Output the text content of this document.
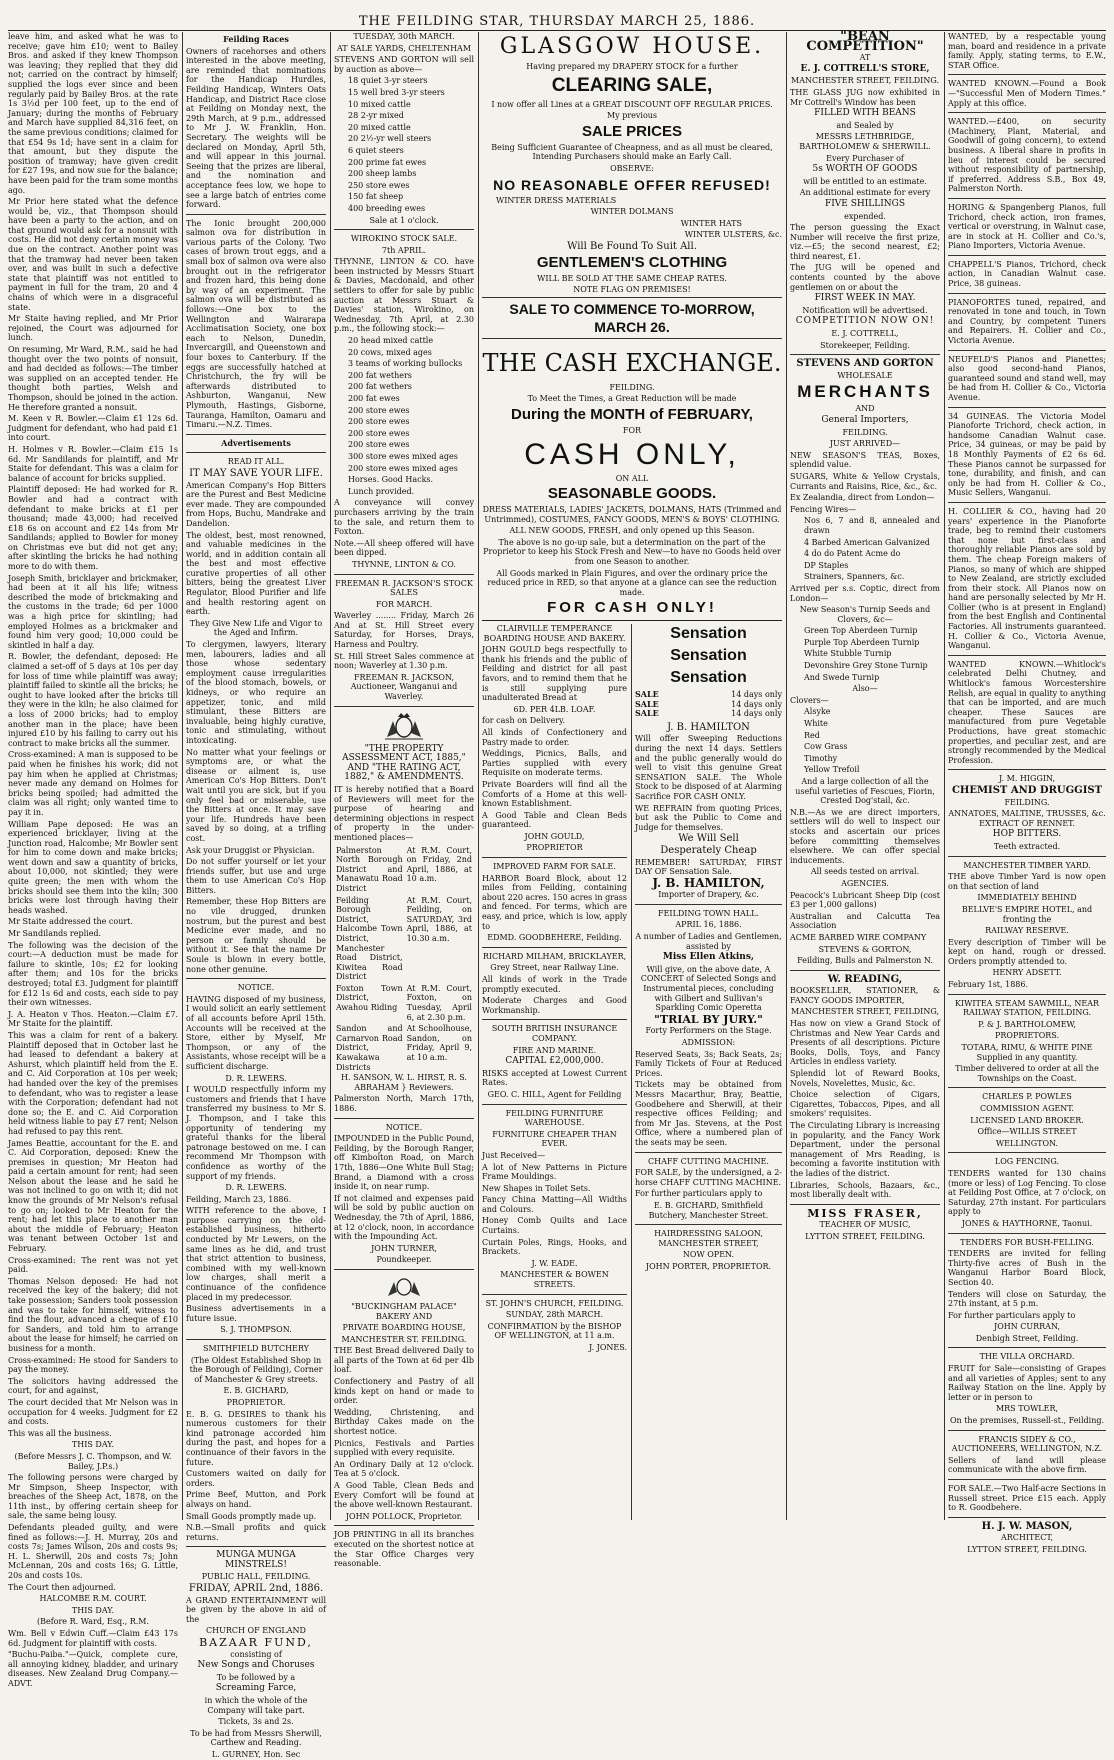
THE FEILDING STAR, THURSDAY MARCH 25, 1886.

leave him, and asked what he was to receive; gave him £10; went to Bailey Bros. and asked if they knew Thompson was leaving; they replied that they did not; carried on the contract by himself; supplied the logs ever since and been regularly paid by Bailey Bros. at the rate 1s 3½d per 100 feet, up to the end of January; during the months of February and March have supplied 84,316 feet, on the same previous conditions; claimed for that £54 9s 1d; have sent in a claim for that amount, but they dispute the position of tramway; have given credit for £27 19s, and now sue for the balance; have been paid for the tram some months ago.

Mr Prior here stated what the defence would be, viz., that Thompson should have been a party to the action, and on that ground would ask for a nonsuit with costs. He did not deny certain money was due on the contract. Another point was that the tramway had never been taken over, and was built in such a defective state that plaintiff was not entitled to payment in full for the tram, 20 and 4 chains of which were in a disgraceful state.

Mr Staite having replied, and Mr Prior rejoined, the Court was adjourned for lunch.

On resuming, Mr Ward, R.M., said he had thought over the two points of nonsuit, and had decided as follows:—The timber was supplied on an accepted tender. He thought both parties, Welsh and Thompson, should be joined in the action. He therefore granted a nonsuit.

M. Keen v R. Bowler.—Claim £1 12s 6d. Judgment for defendant, who had paid £1 into court.

H. Holmes v R. Bowler.—Claim £15 1s 6d. Mr Sandilands for plaintiff, and Mr Staite for defendant. This was a claim for balance of account for bricks supplied.

Plaintiff deposed: He had worked for R. Bowler and had a contract with defendant to make bricks at £1 per thousand; made 43,000; had received £18 6s on account and £2 14s from Mr Sandilands; applied to Bowler for money on Christmas eve but did not get any; after skintling the bricks he had nothing more to do with them.

Joseph Smith, bricklayer and brickmaker, had been at it all his life; witness described the mode of brickmaking and the customs in the trade; 6d per 1000 was a high price for skintling; had employed Holmes as a brickmaker and found him very good; 10,000 could be skintled in half a day.

R. Bowler, the defendant, deposed: He claimed a set-off of 5 days at 10s per day for loss of time while plaintiff was away; plaintiff failed to skintle all the bricks; he ought to have looked after the bricks till they were in the kiln; he also claimed for a loss of 2000 bricks; had to employ another man in the place; have been injured £10 by his failing to carry out his contract to make bricks all the summer.

Cross-examined: A man is supposed to be paid when he finishes his work; did not pay him when he applied at Christmas; never made any demand on Holmes for bricks being spoiled; had admitted the claim was all right; only wanted time to pay it in.

William Pape deposed: He was an experienced bricklayer, living at the Junction road, Halcombe; Mr Bowler sent for him to come down and make bricks; went down and saw a quantity of bricks, about 10,000, not skintled; they were quite green; the men with whom the bricks should see them into the kiln; 300 bricks were lost through having their heads washed.

Mr Staite addressed the court.

Mr Sandilands replied.

The following was the decision of the court:—A deduction must be made for failure to skintle, 10s; £2 for looking after them; and 10s for the bricks destroyed; total £3. Judgment for plaintiff for £12 1s 6d and costs, each side to pay their own witnesses.

J. A. Heaton v Thos. Heaton.—Claim £7. Mr Staite for the plaintiff.

This was a claim for rent of a bakery. Plaintiff deposed that in October last he had leased to defendant a bakery at Ashurst, which plaintiff held from the E. and C. Aid Corporation at 10s per week; had handed over the key of the premises to defendant, who was to register a lease with the Corporation; defendant had not done so; the E. and C. Aid Corporation held witness liable to pay £7 rent; Nelson had refused to pay this rent.

James Beattie, accountant for the E. and C. Aid Corporation, deposed: Knew the premises in question; Mr Heaton had paid a certain amount for rent; had seen Nelson about the lease and he said he was not inclined to go on with it; did not know the grounds of Mr Nelson's refusal to go on; looked to Mr Heaton for the rent; had let this place to another man about the middle of February; Heaton was tenant between October 1st and February.

Cross-examined: The rent was not yet paid.

Thomas Nelson deposed: He had not received the key of the bakery; did not take possession; Sanders took possession and was to take for himself, witness to find the flour, advanced a cheque of £10 for Sanders, and told him to arrange about the lease for himself; he carried on business for a month.

Cross-examined: He stood for Sanders to pay the money.

The solicitors having addressed the court, for and against,

The court decided that Mr Nelson was in occupation for 4 weeks. Judgment for £2 and costs.

This was all the business.

THIS DAY.

(Before Messrs J. C. Thompson, and W. Bailey, J.P.s.)

The following persons were charged by Mr Simpson, Sheep Inspector, with breaches of the Sheep Act, 1878, on the 11th inst., by offering certain sheep for sale, the same being lousy.

Defendants pleaded guilty, and were fined as follows:—J. H. Murray, 20s and costs 7s; James Wilson, 20s and costs 9s; H. L. Sherwill, 20s and costs 7s; John McLennan, 20s and costs 16s; G. Little, 20s and costs 10s.

The Court then adjourned.

HALCOMBE R.M. COURT.

THIS DAY.

(Before R. Ward, Esq., R.M.

Wm. Bell v Edwin Cuff.—Claim £43 17s 6d. Judgment for plaintiff with costs.

"Buchu-Paiba."—Quick, complete cure, all annoying kidney, bladder, and urinary diseases. New Zealand Drug Company.—ADVT.

Feilding Races

Owners of racehorses and others interested in the above meeting, are reminded that nominations for the Handicap Hurdles, Feilding Handicap, Winters Oats Handicap, and District Race close at Feilding on Monday next, the 29th March, at 9 p.m., addressed to Mr J. W. Franklin, Hon. Secretary. The weights will be declared on Monday, April 5th, and will appear in this journal. Seeing that the prizes are liberal, and the nomination and acceptance fees low, we hope to see a large batch of entries come forward.

The Ionic brought 200,000 salmon ova for distribution in various parts of the Colony. Two cases of brown trout eggs, and a small box of salmon ova were also brought out in the refrigerator and frozen hard, this being done by way of an experiment. The salmon ova will be distributed as follows:—One box to the Wellington and Wairarapa Acclimatisation Society, one box each to Nelson, Dunedin, Invercargill, and Queenstown and four boxes to Canterbury. If the eggs are successfully hatched at Christchurch, the fry will be afterwards distributed to Ashburton, Wanganui, New Plymouth, Hastings, Gisborne, Tauranga, Hamilton, Oamaru and Timaru.—N.Z. Times.

Advertisements

READ IT ALL.

IT MAY SAVE YOUR LIFE.

American Company's Hop Bitters are the Purest and Best Medicine ever made. They are compounded from Hops, Buchu, Mandrake and Dandelion.

The oldest, best, most renowned, and valuable medicines in the world, and in addition contain all the best and most effective curative properties of all other bitters, being the greatest Liver Regulator, Blood Purifier and life and health restoring agent on earth.

They Give New Life and Vigor to the Aged and Infirm.

To clergymen, lawyers, literary men, labourers, ladies and all those whose sedentary employment cause irregularities of the blood stomach, bowels, or kidneys, or who require an appetizer, tonic, and mild stimulant, these Bitters are invaluable, being highly curative, tonic and stimulating, without intoxicating.

No matter what your feelings or symptoms are, or what the disease or ailment is, use American Co's Hop Bitters. Don't wait until you are sick, but if you only feel bad or miserable, use the Bitters at once. It may save your life. Hundreds have been saved by so doing, at a trifling cost.

Ask your Druggist or Physician.

Do not suffer yourself or let your friends suffer, but use and urge them to use American Co's Hop Bitters.

Remember, these Hop Bitters are no vile drugged, drunken nostrum, but the purest and best Medicine ever made, and no person or family should be without it. See that the name Dr Soule is blown in every bottle, none other genuine.

NOTICE.

HAVING disposed of my business, I would solicit an early settlement of all accounts before April 15th. Accounts will be received at the Store, either by Myself, Mr Thompson, or any of the Assistants, whose receipt will be a sufficient discharge.

D. R. LEWERS.

I WOULD respectfully inform my customers and friends that I have transferred my business to Mr S. J. Thompson, and I take this opportunity of tendering my grateful thanks for the liberal patronage bestowed on me. I can recommend Mr Thompson with confidence as worthy of the support of my friends.

D. R. LEWERS.

Feilding, March 23, 1886.

WITH reference to the above, I purpose carrying on the old-established business, hitherto conducted by Mr Lewers, on the same lines as he did, and trust that strict attention to business, combined with my well-known low charges, shall merit a continuance of the confidence placed in my predecessor.

Business advertisements in a future issue.

S. J. THOMPSON.

SMITHFIELD BUTCHERY

(The Oldest Established Shop in the Borough of Feilding), Corner of Manchester & Grey streets.

E. B. GICHARD,

PROPRIETOR.

E. B. G. DESIRES to thank his numerous customers for their kind patronage accorded him during the past, and hopes for a continuance of their favors in the future.

Customers waited on daily for orders.

Prime Beef, Mutton, and Pork always on hand.

Small Goods promptly made up.

N.B.—Small profits and quick returns.

MUNGA MUNGA MINSTRELS!

PUBLIC HALL, FEILDING.

FRIDAY, APRIL 2nd, 1886.

A GRAND ENTERTAINMENT will be given by the above in aid of the

CHURCH OF ENGLAND

BAZAAR FUND,

consisting of

New Songs and Choruses

To be followed by a

Screaming Farce,

in which the whole of the Company will take part.

Tickets, 3s and 2s.

To be had from Messrs Sherwill, Carthew and Reading.

L. GURNEY, Hon. Sec

TUESDAY, 30th MARCH.

AT SALE YARDS, CHELTENHAM

STEVENS AND GORTON will sell by auction as above—

18 quiet 3-yr steers

15 well bred 3-yr steers

10 mixed cattle

28 2-yr mixed

20 mixed cattle

20 2½-yr well steers

6 quiet steers

200 prime fat ewes

200 sheep lambs

250 store ewes

150 fat sheep

400 breeding ewes

Sale at 1 o'clock.

WIROKINO STOCK SALE.

7th APRIL.

THYNNE, LINTON & CO. have been instructed by Messrs Stuart & Davies, Macdonald, and other settlers to offer for sale by public auction at Messrs Stuart & Davies' station, Wirokino, on Wednesday, 7th April, at 2.30 p.m., the following stock:—

20 head mixed cattle

20 cows, mixed ages

3 teams of working bullocks

200 fat wethers

200 fat wethers

200 fat ewes

200 store ewes

200 store ewes

200 store ewes

200 store ewes

300 store ewes mixed ages

200 store ewes mixed ages

Horses. Good Hacks.

Lunch provided.

A conveyance will convey purchasers arriving by the train to the sale, and return them to Foxton.

Note.—All sheep offered will have been dipped.

THYNNE, LINTON & CO.

FREEMAN R. JACKSON'S STOCK SALES

FOR MARCH.

Waverley ........ Friday, March 26 And at St. Hill Street every Saturday, for Horses, Drays, Harness and Poultry.

St. Hill Street Sales commence at noon; Waverley at 1.30 p.m.

FREEMAN R. JACKSON, Auctioneer, Wanganui and Waverley.

"THE PROPERTY ASSESSMENT ACT, 1885," AND "THE RATING ACT, 1882," & AMENDMENTS.

IT is hereby notified that a Board of Reviewers will meet for the purpose of hearing and determining objections in respect of property in the under-mentioned places—

Palmerston North Borough District and Manawatu Road District	At R.M. Court, on Friday, 2nd April, 1886, at 10 a.m.
Feilding Borough District, Halcombe Town District, Manchester Road District, Kiwitea Road District	At R.M. Court, Feilding, on SATURDAY, 3rd April, 1886, at 10.30 a.m.
Foxton Town District, Awahou Riding	At R.M. Court, Foxton, on Tuesday, April 6, at 2.30 p.m.
Sandon and Carnarvon Road District, Kawakawa Districts	At Schoolhouse, Sandon, on Friday, April 9, at 10 a.m.

H. SANSON, W. L. HIRST, R. S. ABRAHAM } Reviewers.

Palmerston North, March 17th, 1886.

NOTICE.

IMPOUNDED in the Public Pound, Feilding, by the Borough Ranger, off Kimbolton Road, on March 17th, 1886—One White Bull Stag; Brand, a Diamond with a cross inside it, on near rump.

If not claimed and expenses paid will be sold by public auction on Wednesday, the 7th of April, 1886, at 12 o'clock, noon, in accordance with the Impounding Act.

JOHN TURNER,

Poundkeeper.

"BUCKINGHAM PALACE" BAKERY AND

PRIVATE BOARDING HOUSE,

MANCHESTER ST. FEILDING.

THE Best Bread delivered Daily to all parts of the Town at 6d per 4lb loaf.

Confectionery and Pastry of all kinds kept on hand or made to order.

Wedding, Christening, and Birthday Cakes made on the shortest notice.

Picnics, Festivals and Parties supplied with every requisite.

An Ordinary Daily at 12 o'clock. Tea at 5 o'clock.

A Good Table, Clean Beds and Every Comfort will be found at the above well-known Restaurant.

JOHN POLLOCK, Proprietor.

JOB PRINTING in all its branches executed on the shortest notice at the Star Office Charges very reasonable.

GLASGOW HOUSE.

Having prepared my DRAPERY STOCK for a further

CLEARING SALE,

I now offer all Lines at a GREAT DISCOUNT OFF REGULAR PRICES.

My previous

SALE PRICES

Being Sufficient Guarantee of Cheapness, and as all must be cleared, Intending Purchasers should make an Early Call.

OBSERVE:

NO REASONABLE OFFER REFUSED!

WINTER DRESS MATERIALS

WINTER DOLMANS

WINTER HATS

WINTER ULSTERS, &c.

Will Be Found To Suit All.

GENTLEMEN'S CLOTHING

WILL BE SOLD AT THE SAME CHEAP RATES.

NOTE FLAG ON PREMISES!

SALE TO COMMENCE TO-MORROW, MARCH 26.

THE CASH EXCHANGE.

FEILDING.

To Meet the Times, a Great Reduction will be made

During the MONTH of FEBRUARY,

FOR

CASH ONLY,

ON ALL

SEASONABLE GOODS.

DRESS MATERIALS, LADIES' JACKETS, DOLMANS, HATS (Trimmed and Untrimmed), COSTUMES, FANCY GOODS, MEN'S & BOYS' CLOTHING.

ALL NEW GOODS, FRESH, and only opened up this Season.

The above is no go-up sale, but a determination on the part of the Proprietor to keep his Stock Fresh and New—to have no Goods held over from one Season to another.

All Goods marked in Plain Figures, and over the ordinary price the reduced price in RED, so that anyone at a glance can see the reduction made.

FOR CASH ONLY!

CLAIRVILLE TEMPERANCE BOARDING HOUSE AND BAKERY.

JOHN GOULD begs respectfully to thank his friends and the public of Feilding and district for all past favors, and to remind them that he is still supplying pure unadulterated Bread at

6D. PER 4LB. LOAF.

for cash on Delivery.

All kinds of Confectionery and Pastry made to order.

Weddings, Picnics, Balls, and Parties supplied with every Requisite on moderate terms.

Private Boarders will find all the Comforts of a Home at this well-known Establishment.

A Good Table and Clean Beds guaranteed.

JOHN GOULD,

PROPRIETOR

IMPROVED FARM FOR SALE.

HARBOR Board Block, about 12 miles from Feilding, containing about 220 acres. 150 acres in grass and fenced. For terms, which are easy, and price, which is low, apply to

EDMD. GOODBEHERE, Feilding.

RICHARD MILHAM, BRICKLAYER,

Grey Street, near Railway Line.

All kinds of work in the Trade promptly executed.

Moderate Charges and Good Workmanship.

SOUTH BRITISH INSURANCE COMPANY.

FIRE AND MARINE.

CAPITAL £2,000,000.

RISKS accepted at Lowest Current Rates.

GEO. C. HILL, Agent for Feilding

FEILDING FURNITURE WAREHOUSE.

FURNITURE CHEAPER THAN EVER.

Just Received—

A lot of New Patterns in Picture Frame Mouldings.

New Shapes in Toilet Sets.

Fancy China Matting—All Widths and Colours.

Honey Comb Quilts and Lace Curtains.

Curtain Poles, Rings, Hooks, and Brackets.

J. W. EADE.

MANCHESTER & BOWEN STREETS.

ST. JOHN'S CHURCH, FEILDING.

SUNDAY, 28th MARCH.

CONFIRMATION by the BISHOP OF WELLINGTON, at 11 a.m.

J. JONES.

Sensation

Sensation

Sensation

SALE	14 days only
SALE	14 days only
SALE	14 days only

J. B. HAMILTON

Will offer Sweeping Reductions during the next 14 days. Settlers and the public generally would do well to visit this genuine Great SENSATION SALE. The Whole Stock to be disposed of at Alarming Sacrifice FOR CASH ONLY.

WE REFRAIN from quoting Prices, but ask the Public to Come and Judge for themselves.

We Will Sell

Desperately Cheap

REMEMBER! SATURDAY, FIRST DAY OF Sensation Sale.

J. B. HAMILTON,

Importer of Drapery, &c.

FEILDING TOWN HALL.

APRIL 16, 1886.

A number of Ladies and Gentlemen, assisted by

Miss Ellen Atkins,

Will give, on the above date, A CONCERT of Selected Songs and Instrumental pieces, concluding with Gilbert and Sullivan's Sparkling Comic Operetta

"TRIAL BY JURY."

Forty Performers on the Stage.

ADMISSION:

Reserved Seats, 3s; Back Seats, 2s; Family Tickets of Four at Reduced Prices.

Tickets may be obtained from Messrs Macarthur, Bray, Beattie, Goodbehere and Sherwill, at their respective offices Feilding; and from Mr Jas. Stevens, at the Post Office, where a numbered plan of the seats may be seen.

CHAFF CUTTING MACHINE.

FOR SALE, by the undersigned, a 2-horse CHAFF CUTTING MACHINE.

For further particulars apply to

E. B. GICHARD, Smithfield Butchery, Manchester Street.

HAIRDRESSING SALOON, MANCHESTER STREET,

NOW OPEN.

JOHN PORTER, PROPRIETOR.

"BEAN COMPETITION"

AT

E. J. COTTRELL'S STORE,

MANCHESTER STREET, FEILDING.

THE GLASS JUG now exhibited in Mr Cottrell's Window has been

FILLED WITH BEANS

and Sealed by

MESSRS LETHBRIDGE, BARTHOLOMEW & SHERWILL.

Every Purchaser of

5s WORTH OF GOODS

will be entitled to an estimate.

An additional estimate for every

FIVE SHILLINGS

expended.

The person guessing the Exact Number will receive the first prize, viz.—£5; the second nearest, £2; third nearest, £1.

The JUG will be opened and contents counted by the above gentlemen on or about the

FIRST WEEK IN MAY.

Notification will be advertised.

COMPETITION NOW ON!

E. J. COTTRELL,

Storekeeper, Feilding.

STEVENS AND GORTON

WHOLESALE

MERCHANTS

AND

General Importers,

FEILDING.

JUST ARRIVED—

NEW SEASON'S TEAS, Boxes, splendid value.

SUGARS, White & Yellow Crystals, Currants and Raisins, Rice, &c., &c.

Ex Zealandia, direct from London—

Fencing Wires—

Nos 6, 7 and 8, annealed and drawn

4 Barbed American Galvanized

4 do do Patent Acme do

DP Staples

Strainers, Spanners, &c.

Arrived per s.s. Coptic, direct from London—

New Season's Turnip Seeds and Clovers, &c—

Green Top Aberdeen Turnip

Purple Top Aberdeen Turnip

White Stubble Turnip

Devonshire Grey Stone Turnip

And Swede Turnip

Also—

Clovers—

Alsyke

White

Red

Cow Grass

Timothy

Yellow Trefoil

And a large collection of all the useful varieties of Fescues, Fiorin, Crested Dog'stail, &c.

N.B.—As we are direct importers, settlers will do well to inspect our stocks and ascertain our prices before committing themselves elsewhere. We can offer special inducements.

All seeds tested on arrival.

AGENCIES.

Peacock's Lubricant Sheep Dip (cost £3 per 1,000 gallons)

Australian and Calcutta Tea Association

ACME BARBED WIRE COMPANY

STEVENS & GORTON,

Feilding, Bulls and Palmerston N.

W. READING,

BOOKSELLER, STATIONER, & FANCY GOODS IMPORTER,

MANCHESTER STREET, FEILDING,

Has now on view a Grand Stock of Christmas and New Year Cards and Presents of all descriptions. Picture Books, Dolls, Toys, and Fancy Articles in endless variety.

Splendid lot of Reward Books, Novels, Novelettes, Music, &c.

Choice selection of Cigars, Cigarettes, Tobaccos, Pipes, and all smokers' requisites.

The Circulating Library is increasing in popularity, and the Fancy Work Department, under the personal management of Mrs Reading, is becoming a favorite institution with the ladies of the district.

Libraries, Schools, Bazaars, &c., most liberally dealt with.

MISS FRASER,

TEACHER OF MUSIC,

LYTTON STREET, FEILDING.

WANTED, by a respectable young man, board and residence in a private family. Apply, stating terms, to E.W., STAR Office.

WANTED KNOWN.—Found a Book—"Successful Men of Modern Times." Apply at this office.

WANTED.—£400, on security (Machinery, Plant, Material, and Goodwill of going concern), to extend business. A liberal share in profits in lieu of interest could be secured without responsibility of partnership, if preferred. Address S.B., Box 49, Palmerston North.

HORING & Spangenberg Pianos, full Trichord, check action, iron frames, vertical or overstrung, in Walnut case, are in stock at H. Collier and Co.'s, Piano Importers, Victoria Avenue.

CHAPPELL'S Pianos, Trichord, check action, in Canadian Walnut case. Price, 38 guineas.

PIANOFORTES tuned, repaired, and renovated in tone and touch, in Town and Country, by competent Tuners and Repairers. H. Collier and Co., Victoria Avenue.

NEUFELD'S Pianos and Pianettes; also good second-hand Pianos, guaranteed sound and stand well, may be had from H. Collier & Co., Victoria Avenue.

34 GUINEAS. The Victoria Model Pianoforte Trichord, check action, in handsome Canadian Walnut case. Price, 34 guineas, or may be paid by 18 Monthly Payments of £2 6s 6d. These Pianos cannot be surpassed for tone, durability, and finish, and can only be had from H. Collier & Co., Music Sellers, Wanganui.

H. COLLIER & CO., having had 20 years' experience in the Pianoforte trade, beg to remind their customers that none but first-class and thoroughly reliable Pianos are sold by them. The cheap Foreign makers of Pianos, so many of which are shipped to New Zealand, are strictly excluded from their stock. All Pianos now on hand are personally selected by Mr H. Collier (who is at present in England) from the best English and Continental Factories. All instruments guaranteed. H. Collier & Co., Victoria Avenue, Wanganui.

WANTED KNOWN.—Whitlock's celebrated Delhi Chutney, and Whitlock's famous Worcestershire Relish, are equal in quality to anything that can be imported, and are much cheaper. These Sauces are manufactured from pure Vegetable Productions, have great stomachic properties, and peculiar zest, and are strongly recommended by the Medical Profession.

J. M. HIGGIN,

CHEMIST AND DRUGGIST

FEILDING.

ANNATOES, MALTINE, TRUSSES, &c. EXTRACT OF RENNET.

HOP BITTERS.

Teeth extracted.

MANCHESTER TIMBER YARD.

THE above Timber Yard is now open on that section of land

IMMEDIATELY BEHIND

BELLVE'S EMPIRE HOTEL, and fronting the

RAILWAY RESERVE.

Every description of Timber will be kept on hand, rough or dressed. Orders promptly attended to.

HENRY ADSETT.

February 1st, 1886.

KIWITEA STEAM SAWMILL, NEAR RAILWAY STATION, FEILDING.

P. & J. BARTHOLOMEW,

PROPRIETORS.

TOTARA, RIMU, & WHITE PINE Supplied in any quantity.

Timber delivered to order at all the Townships on the Coast.

CHARLES P. POWLES

COMMISSION AGENT.

LICENSED LAND BROKER.

Office—WILLIS STREET

WELLINGTON.

LOG FENCING.

TENDERS wanted for 130 chains (more or less) of Log Fencing. To close at Feilding Post Office, at 7 o'clock, on Saturday, 27th instant. For particulars apply to

JONES & HAYTHORNE, Taonui.

TENDERS FOR BUSH-FELLING.

TENDERS are invited for felling Thirty-five acres of Bush in the Wanganui Harbor Board Block, Section 40.

Tenders will close on Saturday, the 27th instant, at 5 p.m.

For further particulars apply to

JOHN CURRAN,

Denbigh Street, Feilding.

THE VILLA ORCHARD.

FRUIT for Sale—consisting of Grapes and all varieties of Apples; sent to any Railway Station on the line. Apply by letter or in person to

MRS TOWLER,

On the premises, Russell-st., Feilding.

FRANCIS SIDEY & CO., AUCTIONEERS, WELLINGTON, N.Z.

Sellers of land will please communicate with the above firm.

FOR SALE.—Two Half-acre Sections in Russell street. Price £15 each. Apply to R. Goodbehere.

H. J. W. MASON,

ARCHITECT,

LYTTON STREET, FEILDING.
